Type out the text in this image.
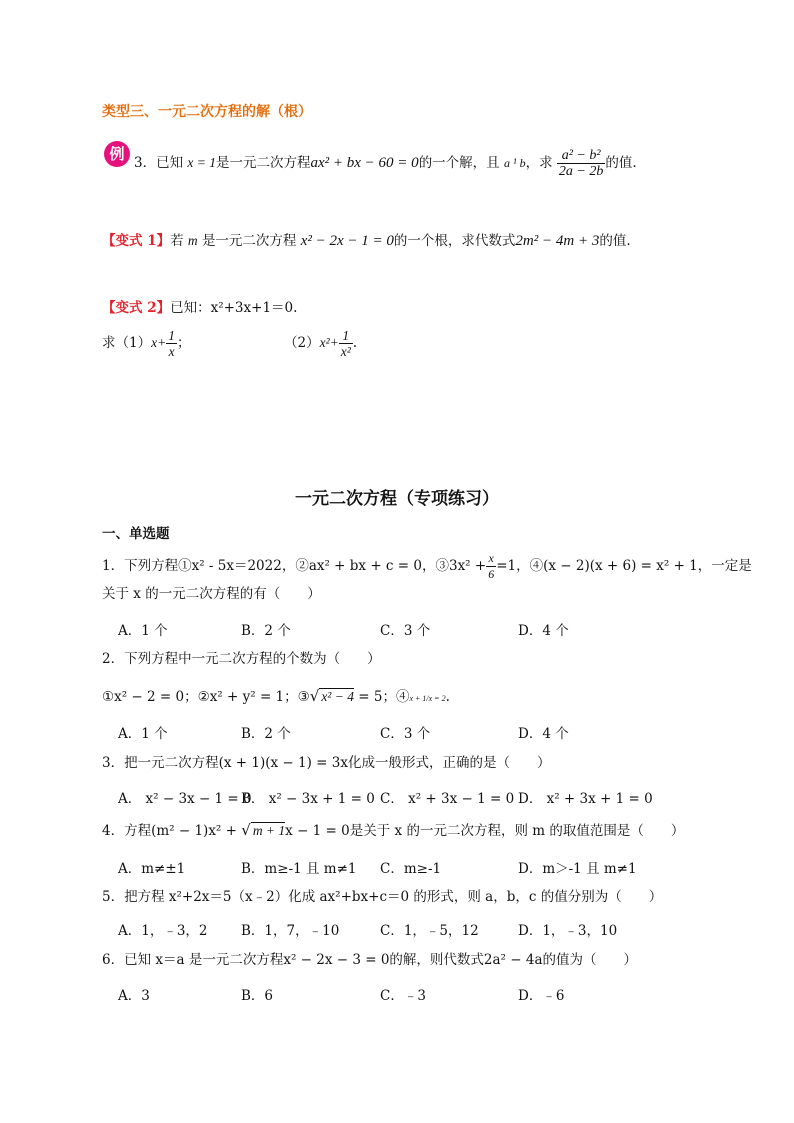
类型三、一元二次方程的解（根）
例 3．已知 x = 1是一元二次方程ax² + bx − 60 = 0的一个解，且 a ¹ b，求 $\frac{\text{a² − b²}}{2a - 2b}$ 的值.
【变式 1】若 m 是一元二次方程 x² − 2x − 1 = 0的一个根，求代数式2m² − 4m + 3的值.
【变式 2】已知：x²+3x+1＝0.
求$(1)x+ \frac{1}{x}$ ；	$(2)x^2+ \frac{1}{\text{x²}}$ .
一元二次方程（专项练习）
一、单选题
1．下列方程①x² - 5x＝2022，②ax² + bx + c = 0，③3x² + $\frac{x}{6} =1$，④(x − 2)(x + 6) = x² + 1，一定是
关于 x 的一元二次方程的有（　　）
A．1 个	B．2 个	C．3 个	D．4 个
2．下列方程中一元二次方程的个数为（　　）
①x² − 2 = 0；②x² + y² = 1；③√ x² − 4 = 5；④x + 1/x = 2.
A．1 个	B．2 个	C．3 个	D．4 个
3．把一元二次方程(x + 1)(x − 1) = 3x化成一般形式，正确的是（　　）
A． x² − 3x − 1 = 0
B． x² − 3x + 1 = 0 C． x² + 3x − 1 = 0 D． x² + 3x + 1 = 0
4．方程(m² − 1)x² + √ m + 1x − 1 = 0是关于 x 的一元二次方程，则 m 的取值范围是（　　）
A．m≠±1	B．m≥-1 且 m≠1 C．m≥-1	D．m＞-1 且 m≠1
5．把方程 x²+2x＝5（x﹣2）化成 ax²+bx+c＝0 的形式，则 a，b，c 的值分别为（　　）
A．1，﹣3，2 B．1，7，﹣10	C．1，﹣5，12	D．1，﹣3，10
6．已知 x＝a 是一元二次方程x² − 2x − 3 = 0的解，则代数式2a² − 4a的值为（　　）
A．3	B．6	C．﹣3	D．﹣6
